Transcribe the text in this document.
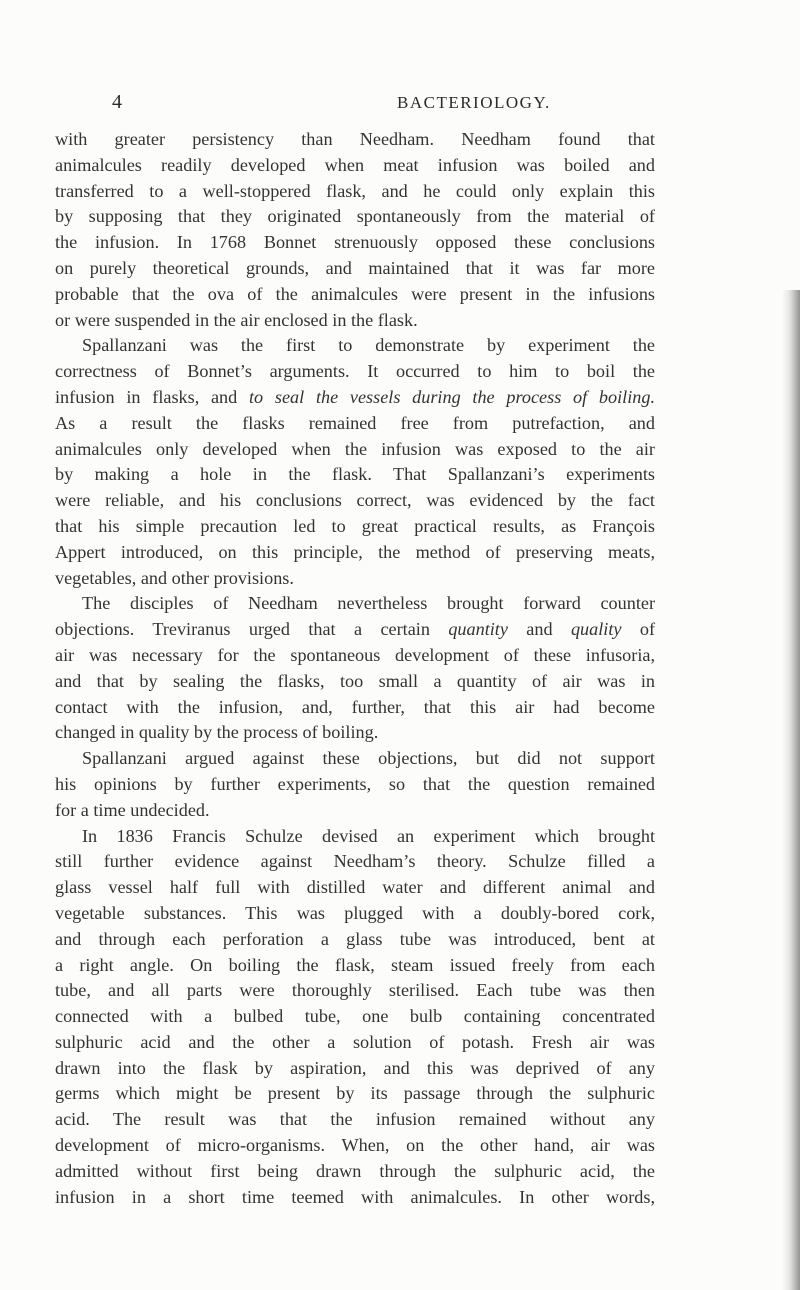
4	BACTERIOLOGY.
with greater persistency than Needham. Needham found that
animalcules readily developed when meat infusion was boiled and
transferred to a well-stoppered flask, and he could only explain this
by supposing that they originated spontaneously from the material of
the infusion. In 1768 Bonnet strenuously opposed these conclusions
on purely theoretical grounds, and maintained that it was far more
probable that the ova of the animalcules were present in the infusions
or were suspended in the air enclosed in the flask.
Spallanzani was the first to demonstrate by experiment the
correctness of Bonnet’s arguments. It occurred to him to boil the
infusion in flasks, and to seal the vessels during the process of boiling.
As a result the flasks remained free from putrefaction, and
animalcules only developed when the infusion was exposed to the air
by making a hole in the flask. That Spallanzani’s experiments
were reliable, and his conclusions correct, was evidenced by the fact
that his simple precaution led to great practical results, as François
Appert introduced, on this principle, the method of preserving meats,
vegetables, and other provisions.
The disciples of Needham nevertheless brought forward counter
objections. Treviranus urged that a certain quantity and quality of
air was necessary for the spontaneous development of these infusoria,
and that by sealing the flasks, too small a quantity of air was in
contact with the infusion, and, further, that this air had become
changed in quality by the process of boiling.
Spallanzani argued against these objections, but did not support
his opinions by further experiments, so that the question remained
for a time undecided.
In 1836 Francis Schulze devised an experiment which brought
still further evidence against Needham’s theory. Schulze filled a
glass vessel half full with distilled water and different animal and
vegetable substances. This was plugged with a doubly-bored cork,
and through each perforation a glass tube was introduced, bent at
a right angle. On boiling the flask, steam issued freely from each
tube, and all parts were thoroughly sterilised. Each tube was then
connected with a bulbed tube, one bulb containing concentrated
sulphuric acid and the other a solution of potash. Fresh air was
drawn into the flask by aspiration, and this was deprived of any
germs which might be present by its passage through the sulphuric
acid. The result was that the infusion remained without any
development of micro-organisms. When, on the other hand, air was
admitted without first being drawn through the sulphuric acid, the
infusion in a short time teemed with animalcules. In other words,
